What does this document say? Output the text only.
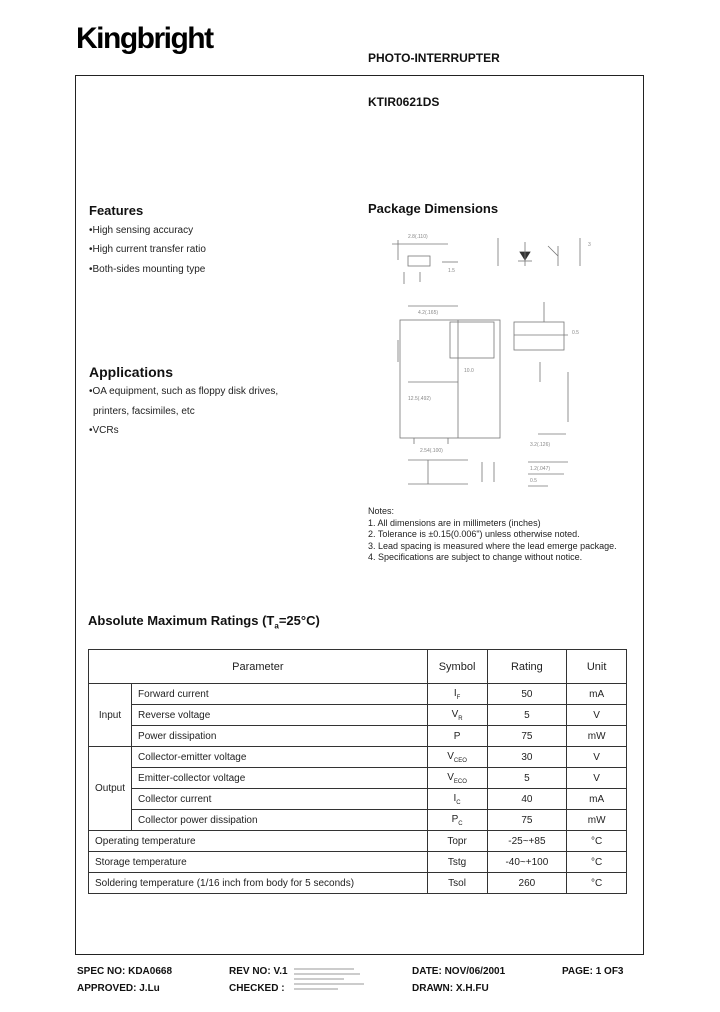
Kingbright
PHOTO-INTERRUPTER
KTIR0621DS
Features
•High sensing accuracy
•High current transfer ratio
•Both-sides mounting type
Applications
•OA equipment, such as floppy disk drives,
printers, facsimiles, etc
•VCRs
Package Dimensions
2.8(.110)
1.5
3
4.2(.165)
0.5
12.5(.492)
10.0
2.54(.100)
3.2(.126)
1.2(.047)
0.5
Notes:
1. All dimensions are in millimeters (inches)
2. Tolerance is ±0.15(0.006") unless otherwise noted.
3. Lead spacing is measured where the lead emerge package.
4. Specifications are subject to change without notice.
Absolute Maximum Ratings $(T_a=25^\circ C)$
Parameter		Symbol	Rating	Unit
Input	Forward current	$I_F$	50	mA
	Reverse voltage	$V_R$	5	V
	Power dissipation	P	75	mW
Output	Collector-emitter voltage	$V_{CEO}$	30	V
	Emitter-collector voltage	$V_{ECO}$	5	V
	Collector current	$I_C$	40	mA
	Collector power dissipation	$P_C$	75	mW
Operating temperature		Topr	-25~+85	°C
Storage temperature		Tstg	-40~+100	°C
Soldering temperature (1/16 inch from body for 5 seconds)		Tsol	260	°C
SPEC NO: KDA0668	REV NO: V.1	DATE: NOV/06/2001	PAGE: 1 OF3
APPROVED: J.Lu	CHECKED :	DRAWN: X.H.FU
